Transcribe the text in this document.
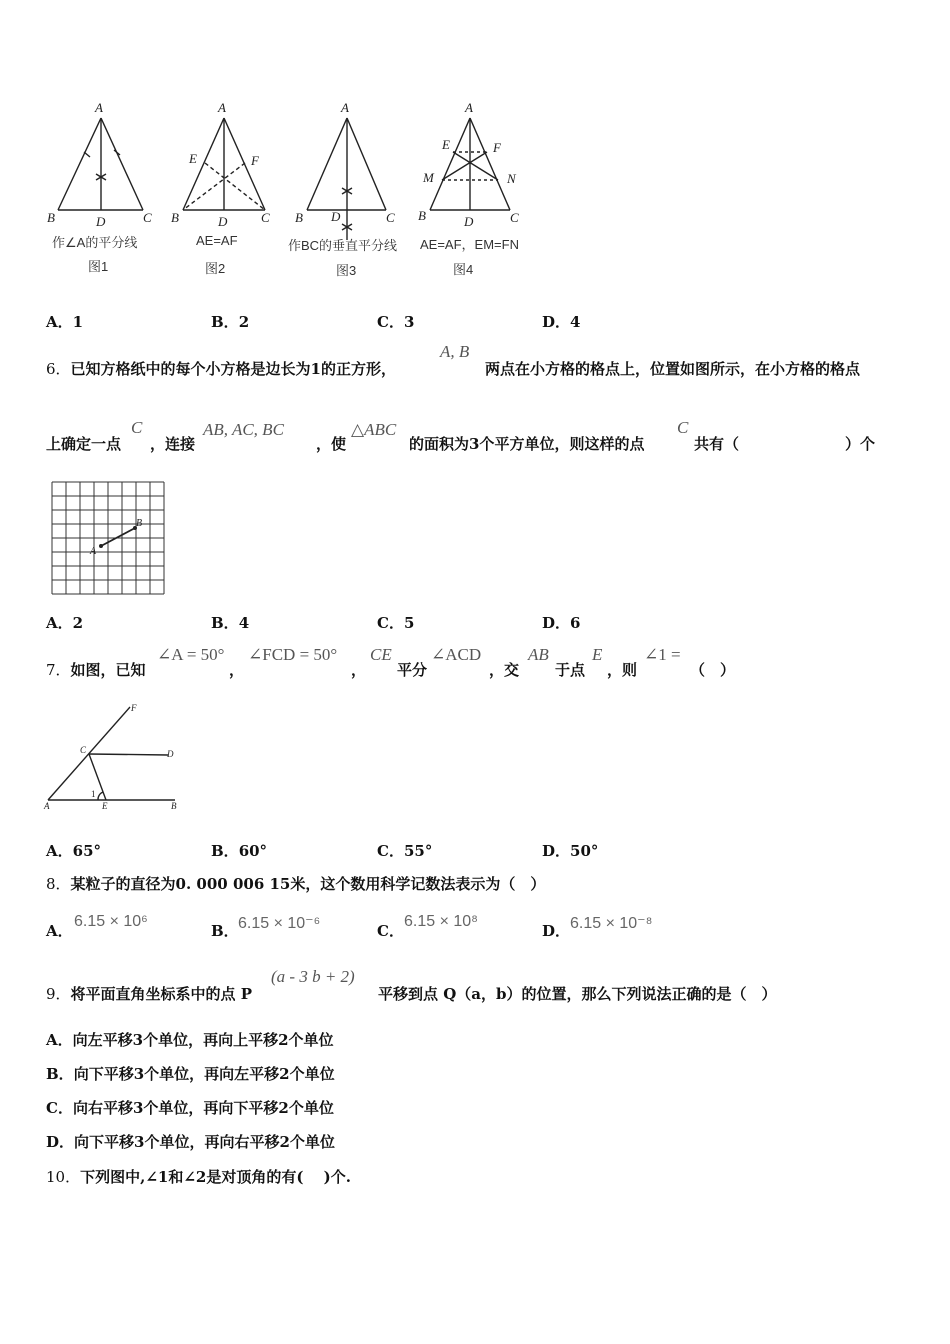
A
B	C
D
A
E	F
B	C
D
A
B	C
D
A
E	F
M	N
B	C
D
作∠A的平分线
图1
AE=AF
图2
作BC的垂直平分线
图3
AE=AF，EM=FN
图4
A．1	B．2	C．3	D．4
6．已知方格纸中的每个小方格是边长为1的正方形，
A, B
两点在小方格的格点上，位置如图所示，在小方格的格点
上确定一点
C
，连接
AB, AC, BC
，使
△ABC
的面积为3个平方单位，则这样的点
C
共有（	）个
A
B
A．2	B．4	C．5	D．6
7．如图，已知
∠A = 50°
，
∠FCD = 50°
，
CE
平分
∠ACD
，交
AB
于点
E
，则
∠1 =
（　）
F
C	D
A	E	B
1
A．65°	B．60°	C．55°	D．50°
8．某粒子的直径为0. 000 006 15米，这个数用科学记数法表示为（　）
A．
6.15 × 10⁶
B． 6.15 × 10⁻⁶	C．
6.15 × 10⁸
D． 6.15 × 10⁻⁸
9．将平面直角坐标系中的点 P
(a - 3 b + 2)
平移到点 Q（a，b）的位置，那么下列说法正确的是（　）
A．向左平移3个单位，再向上平移2个单位
B．向下平移3个单位，再向左平移2个单位
C．向右平移3个单位，再向下平移2个单位
D．向下平移3个单位，再向右平移2个单位
10．下列图中,∠1和∠2是对顶角的有(　 )个.
